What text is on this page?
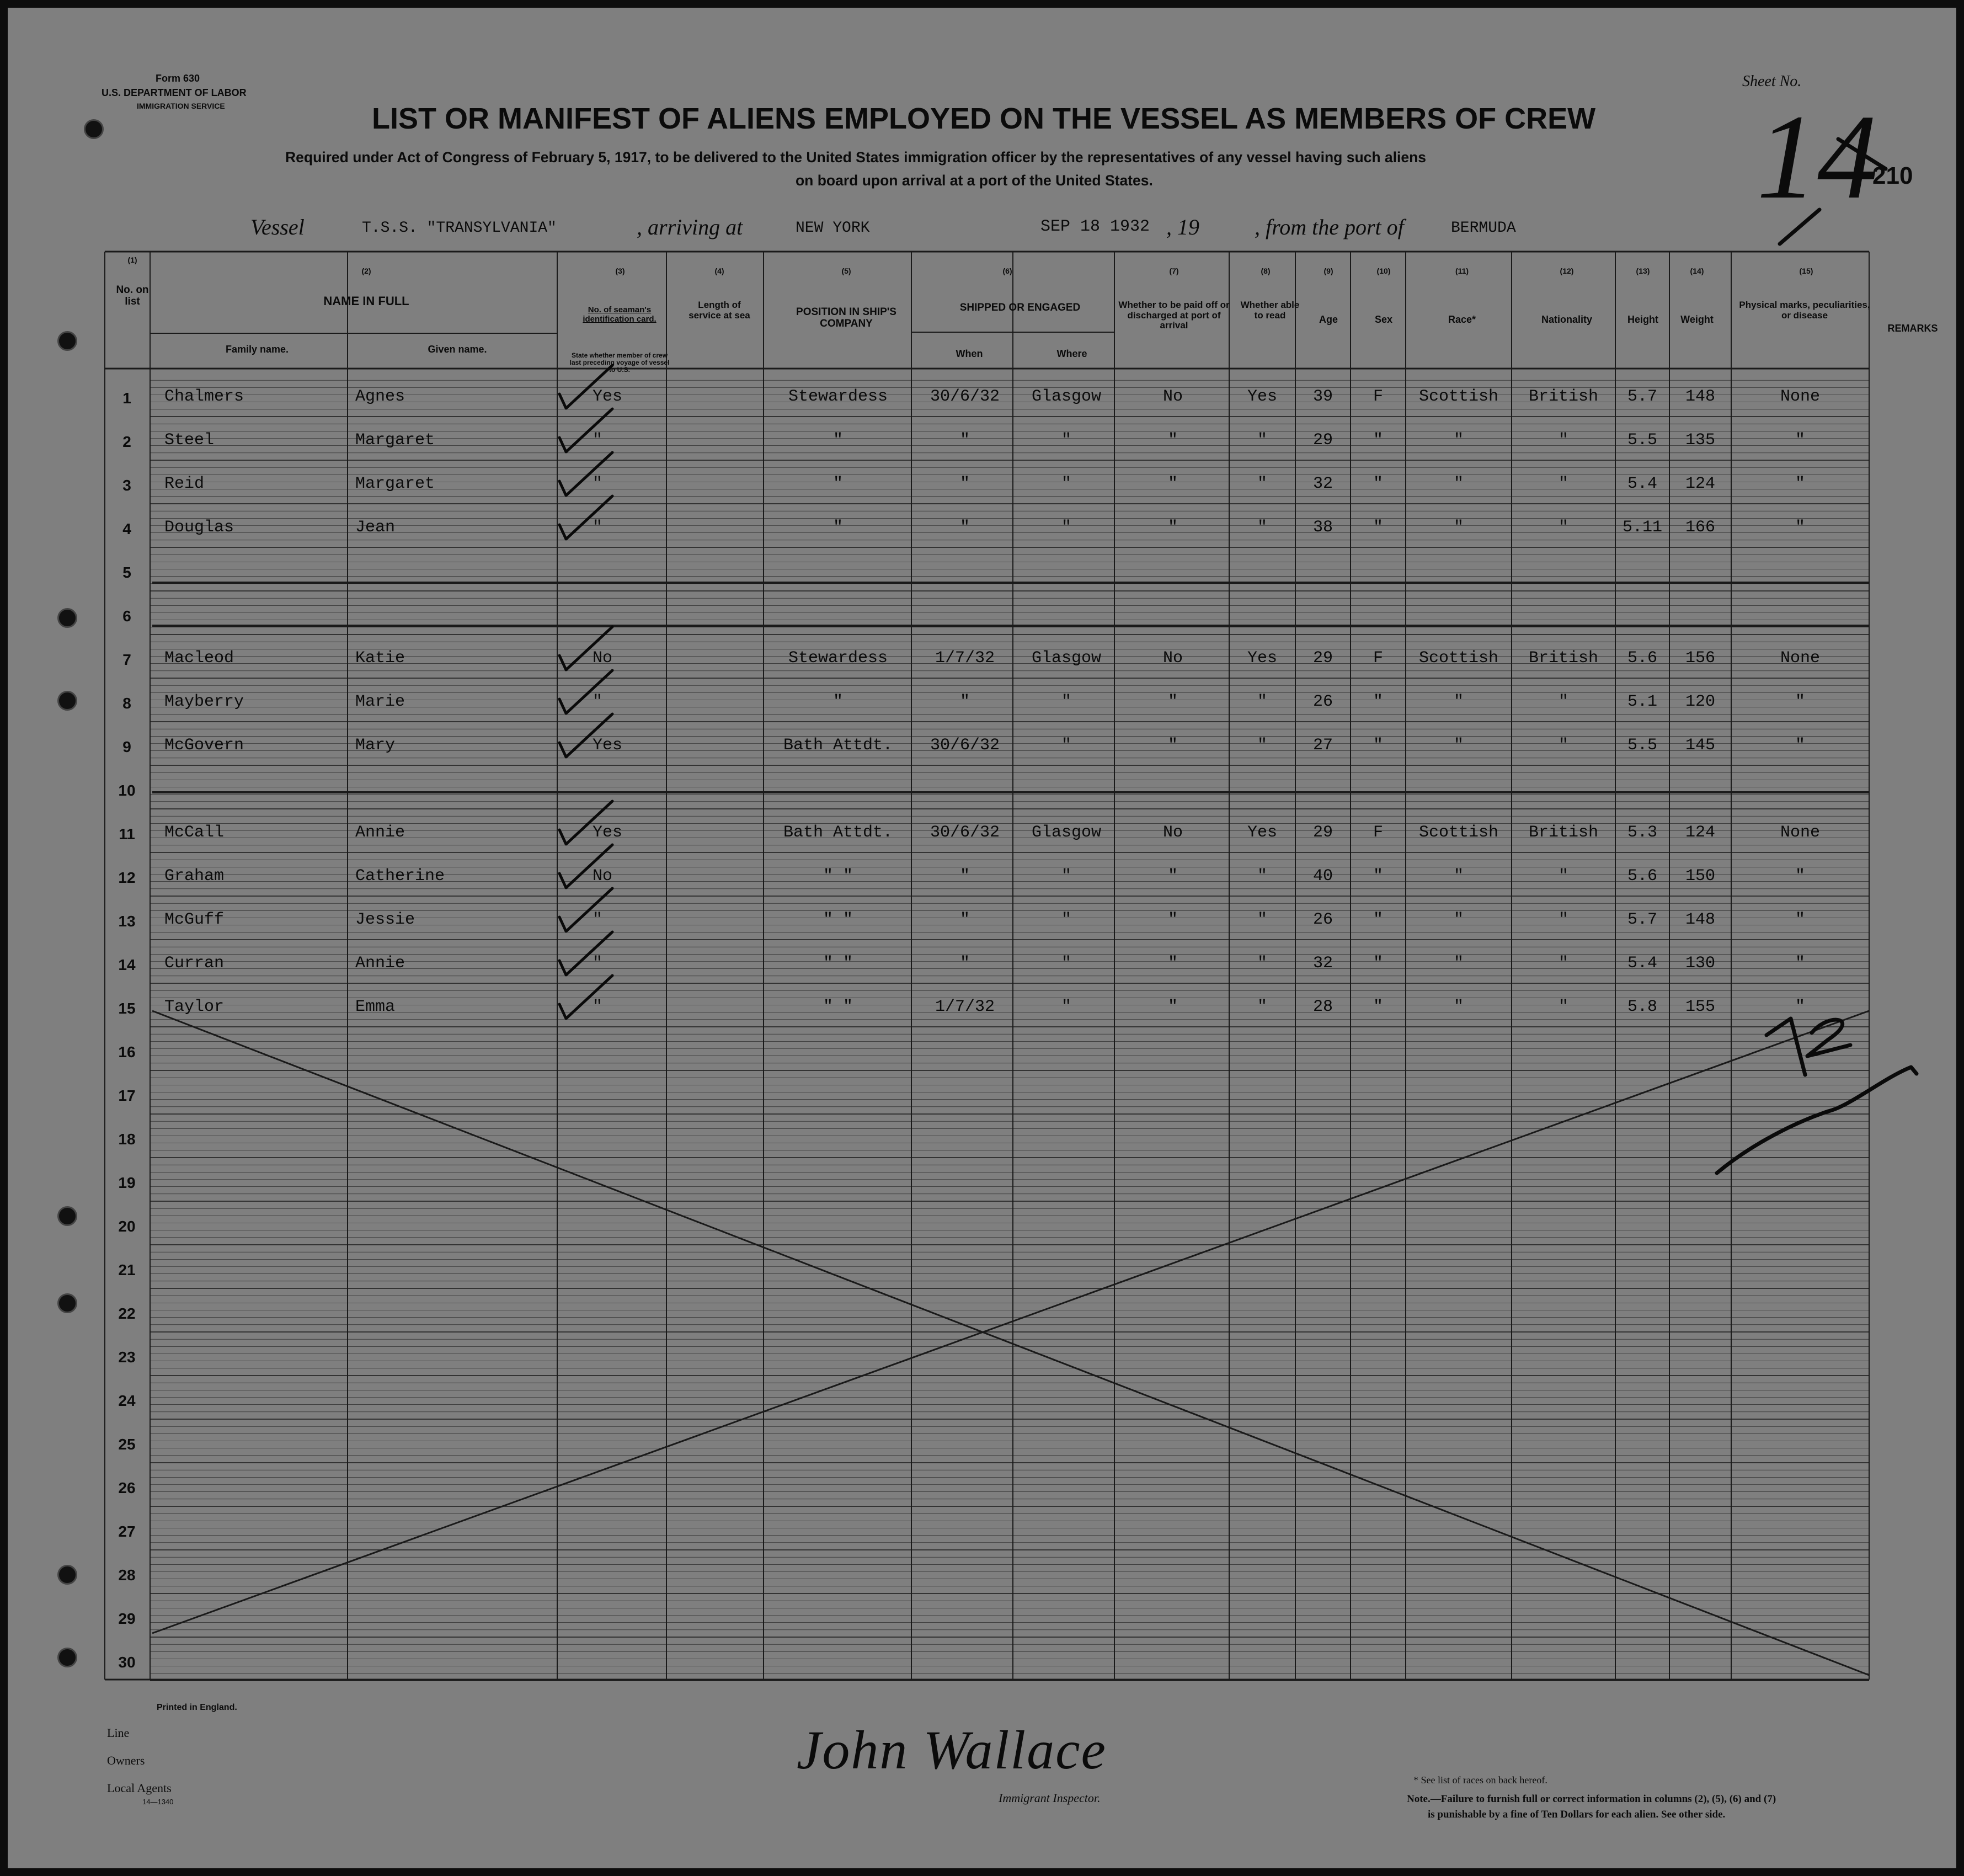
Form 630
U.S. DEPARTMENT OF LABOR
IMMIGRATION SERVICE
Sheet No.
14
210
LIST OR MANIFEST OF ALIENS EMPLOYED ON THE VESSEL AS MEMBERS OF CREW
Required under Act of Congress of February 5, 1917, to be delivered to the United States immigration officer by the representatives of any vessel having such aliens
on board upon arrival at a port of the United States.
Vessel	T.S.S. "TRANSYLVANIA"	, arriving at	NEW YORK	SEP 18 1932 , 19	, from the port of	BERMUDA
(1)
No. on list
(2)
NAME IN FULL
Family name.	Given name.
(3)
No. of seaman's identification card.
State whether member of crew last preceding voyage of vessel to U.S.
(4)
Length of service at sea
(5)
POSITION IN SHIP'S COMPANY
(6)
SHIPPED OR ENGAGED
When	Where
(7)
Whether to be paid off or discharged at port of arrival
(8)
Whether able to read
(9)
Age
(10)
Sex
(11)
Race*
(12)
Nationality
(13)
Height
(14)
Weight
(15)
Physical marks, peculiarities, or disease
REMARKS
1	Chalmers	Agnes	Yes	Stewardess	30/6/32	Glasgow	No	Yes	39	F	Scottish	British	5.7	148	None
2	Steel	Margaret	"	"	"	"	"	"	29	"	"	"	5.5	135	"
3	Reid	Margaret	"	"	"	"	"	"	32	"	"	"	5.4	124	"
4	Douglas	Jean	"	"	"	"	"	"	38	"	"	"	5.11	166	"
5
6
7	Macleod	Katie	No	Stewardess	1/7/32	Glasgow	No	Yes	29	F	Scottish	British	5.6	156	None
8	Mayberry	Marie	"	"	"	"	"	"	26	"	"	"	5.1	120	"
9	McGovern	Mary	Yes	Bath Attdt.	30/6/32	"	"	"	27	"	"	"	5.5	145	"
10
11	McCall	Annie	Yes	Bath Attdt.	30/6/32	Glasgow	No	Yes	29	F	Scottish	British	5.3	124	None
12	Graham	Catherine	No	" "	"	"	"	"	40	"	"	"	5.6	150	"
13	McGuff	Jessie	"	" "	"	"	"	"	26	"	"	"	5.7	148	"
14	Curran	Annie	"	" "	"	"	"	"	32	"	"	"	5.4	130	"
15	Taylor	Emma	"	" "	1/7/32	"	"	"	28	"	"	"	5.8	155	"
16
17
18
19
20
21
22
23
24
25
26
27
28
29
30
Printed in England.
Line
Owners
Local Agents
14—1340
John Wallace
Immigrant Inspector.
* See list of races on back hereof.
Note.—Failure to furnish full or correct information in columns (2), (5), (6) and (7)
is punishable by a fine of Ten Dollars for each alien. See other side.
